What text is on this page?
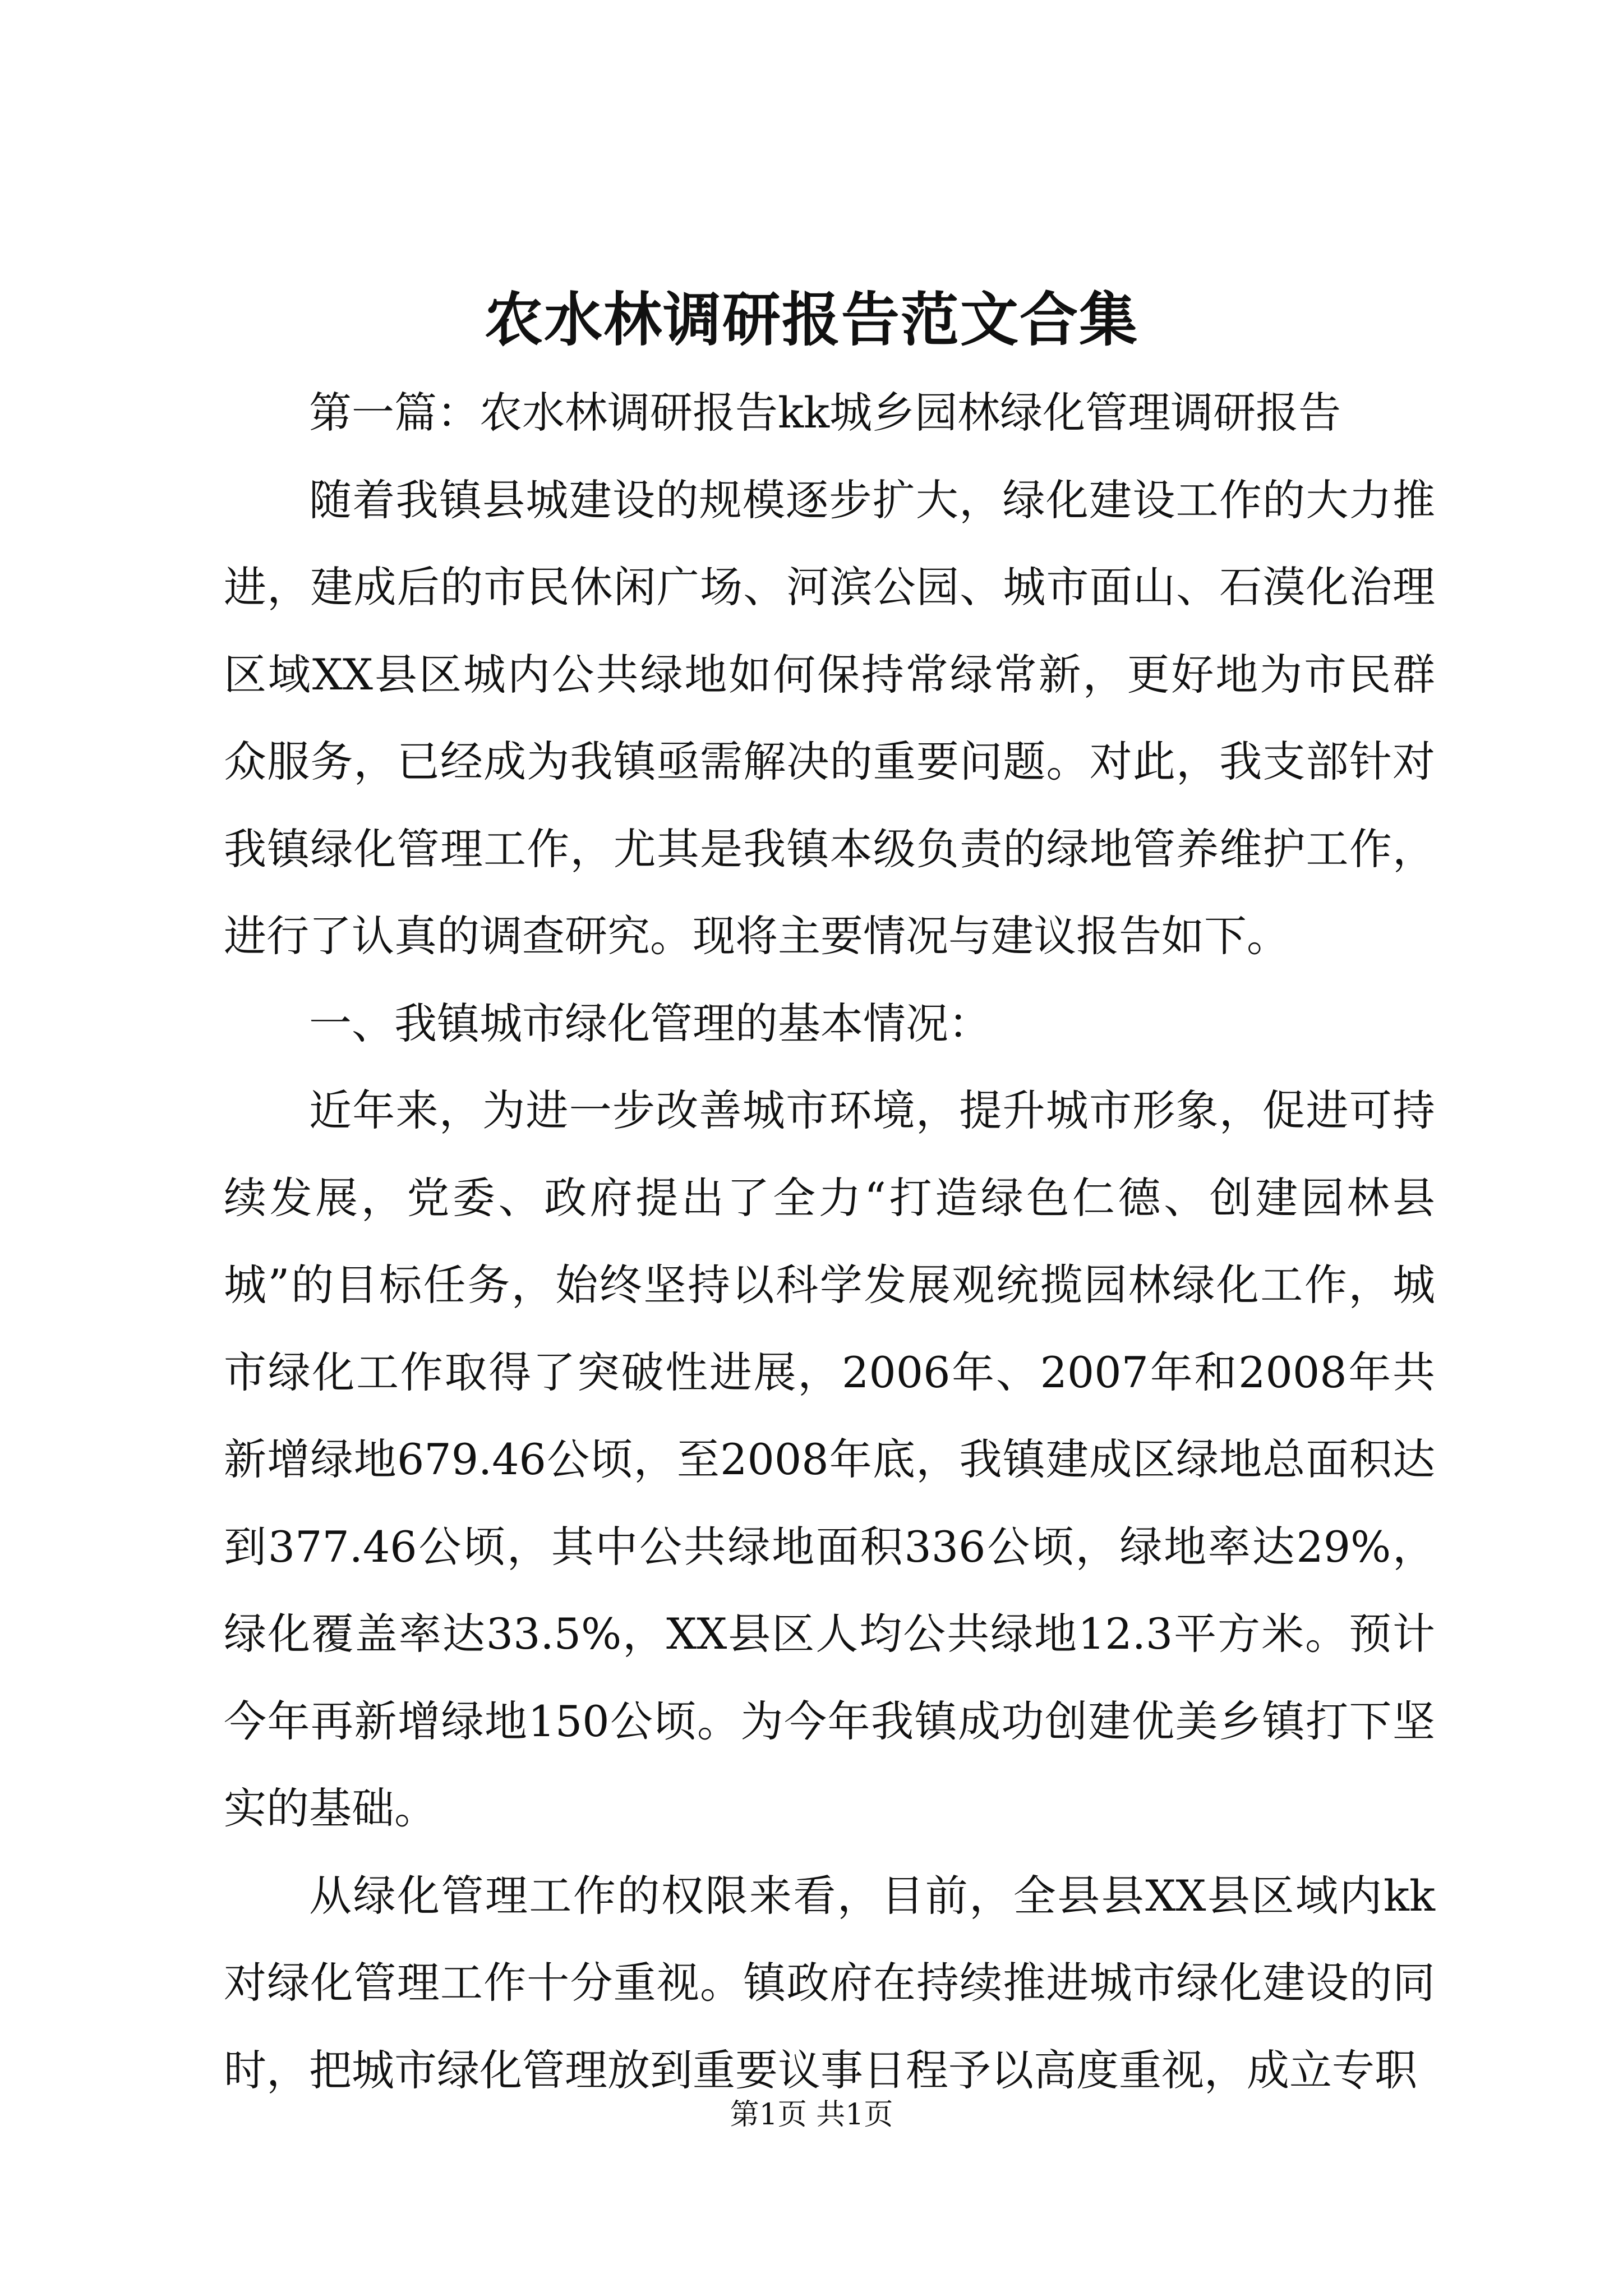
农水林调研报告范文合集

第一篇：农水林调研报告kk城乡园林绿化管理调研报告

随着我镇县城建设的规模逐步扩大，绿化建设工作的大力推进，建成后的市民休闲广场、河滨公园、城市面山、石漠化治理区域XX县区城内公共绿地如何保持常绿常新，更好地为市民群众服务，已经成为我镇亟需解决的重要问题。对此，我支部针对我镇绿化管理工作，尤其是我镇本级负责的绿地管养维护工作，进行了认真的调查研究。现将主要情况与建议报告如下。

一、我镇城市绿化管理的基本情况：

近年来，为进一步改善城市环境，提升城市形象，促进可持续发展，党委、政府提出了全力“打造绿色仁德、创建园林县城”的目标任务，始终坚持以科学发展观统揽园林绿化工作，城市绿化工作取得了突破性进展，2006年、2007年和2008年共新增绿地679.46公顷，至2008年底，我镇建成区绿地总面积达到377.46公顷，其中公共绿地面积336公顷，绿地率达29%，绿化覆盖率达33.5%，XX县区人均公共绿地12.3平方米。预计今年再新增绿地150公顷。为今年我镇成功创建优美乡镇打下坚实的基础。

从绿化管理工作的权限来看，目前，全县县XX县区域内kk对绿化管理工作十分重视。镇政府在持续推进城市绿化建设的同时，把城市绿化管理放到重要议事日程予以高度重视，成立专职

第1页 共1页
